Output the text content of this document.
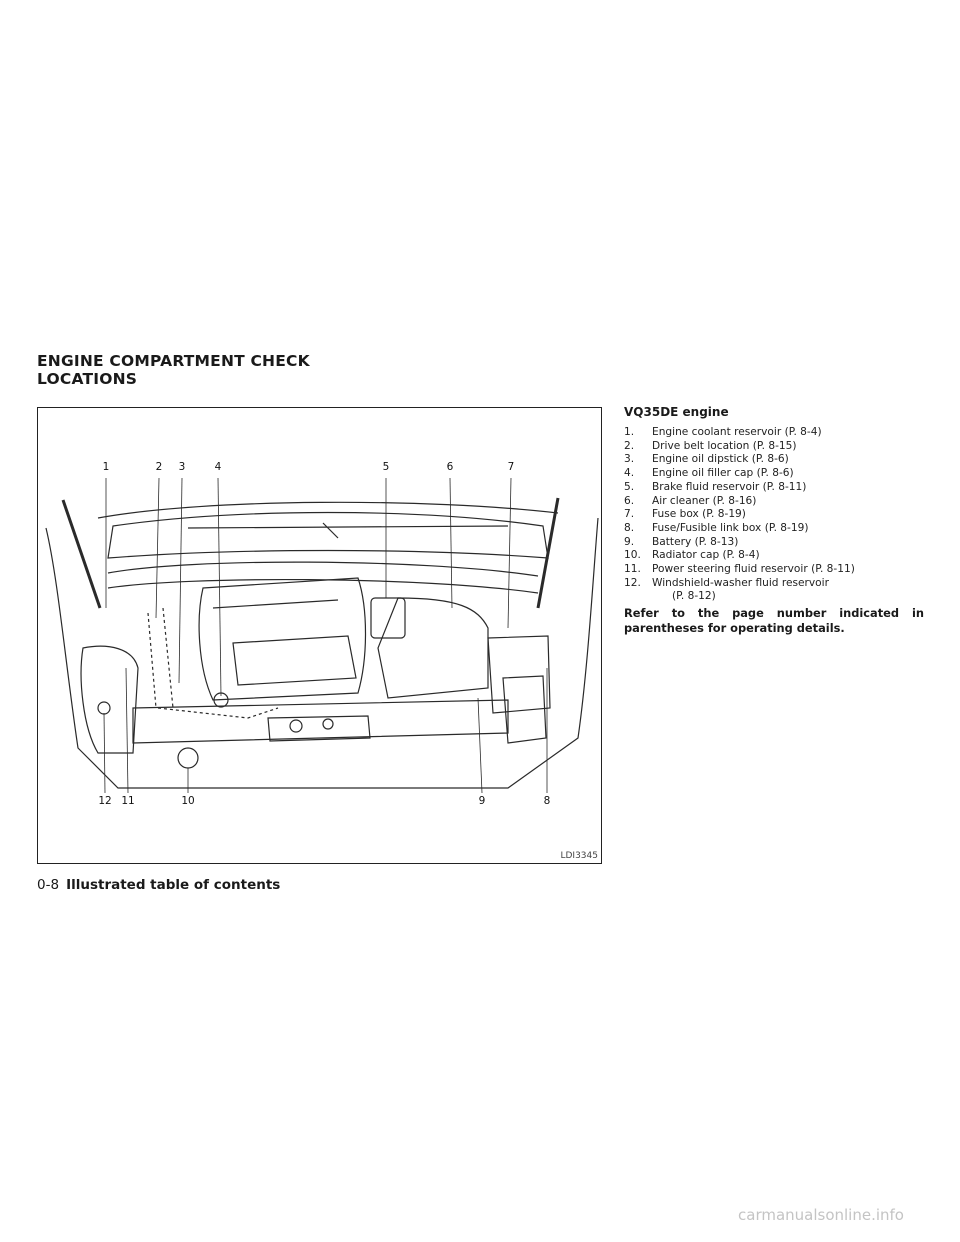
ENGINE COMPARTMENT CHECK
LOCATIONS
1	2	3	4	5	6	7
8
9
10
11
12
LDI3345
VQ35DE engine
1.	Engine coolant reservoir (P. 8-4)
2.	Drive belt location (P. 8-15)
3.	Engine oil dipstick (P. 8-6)
4.	Engine oil filler cap (P. 8-6)
5.	Brake fluid reservoir (P. 8-11)
6.	Air cleaner (P. 8-16)
7.	Fuse box (P. 8-19)
8.	Fuse/Fusible link box (P. 8-19)
9.	Battery (P. 8-13)
10.	Radiator cap (P. 8-4)
11.	Power steering fluid reservoir (P. 8-11)
12.	Windshield-washer fluid reservoir
(P. 8-12)

Refer to the page number indicated in parentheses for operating details.

0-8 Illustrated table of contents
carmanualsonline.info
